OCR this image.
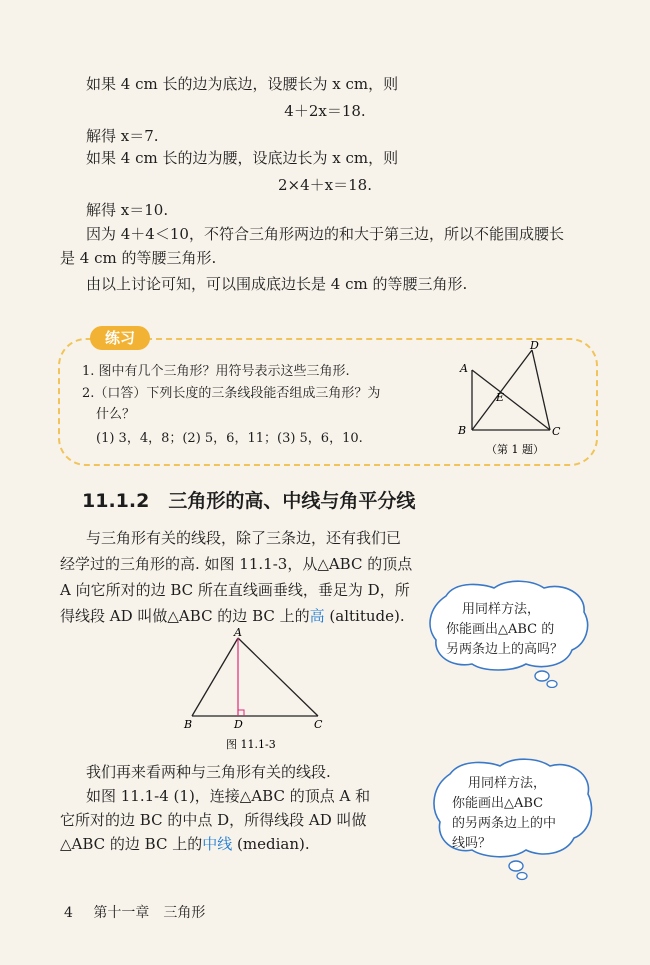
如果 4 cm 长的边为底边，设腰长为 x cm，则
4＋2x＝18.
解得 x＝7.
如果 4 cm 长的边为腰，设底边长为 x cm，则
2×4＋x＝18.
解得 x＝10.
因为 4＋4＜10，不符合三角形两边的和大于第三边，所以不能围成腰长
是 4 cm 的等腰三角形.
由以上讨论可知，可以围成底边长是 4 cm 的等腰三角形.
练习
1. 图中有几个三角形？用符号表示这些三角形.
2.（口答）下列长度的三条线段能否组成三角形？为
什么？
(1) 3，4，8；(2) 5，6，11；(3) 5，6，10.
A
B	C
D
E
（第 1 题）
11.1.2　三角形的高、中线与角平分线
与三角形有关的线段，除了三条边，还有我们已
经学过的三角形的高. 如图 11.1-3，从△ABC 的顶点
A 向它所对的边 BC 所在直线画垂线，垂足为 D，所
得线段 AD 叫做△ABC 的边 BC 上的高 (altitude).
A
B	C
D
图 11.1-3
我们再来看两种与三角形有关的线段.
如图 11.1-4 (1)，连接△ABC 的顶点 A 和
它所对的边 BC 的中点 D，所得线段 AD 叫做
△ABC 的边 BC 上的中线 (median).
用同样方法，
你能画出△ABC 的
另两条边上的高吗？
用同样方法，
你能画出△ABC
的另两条边上的中
线吗？
4 第十一章　三角形
